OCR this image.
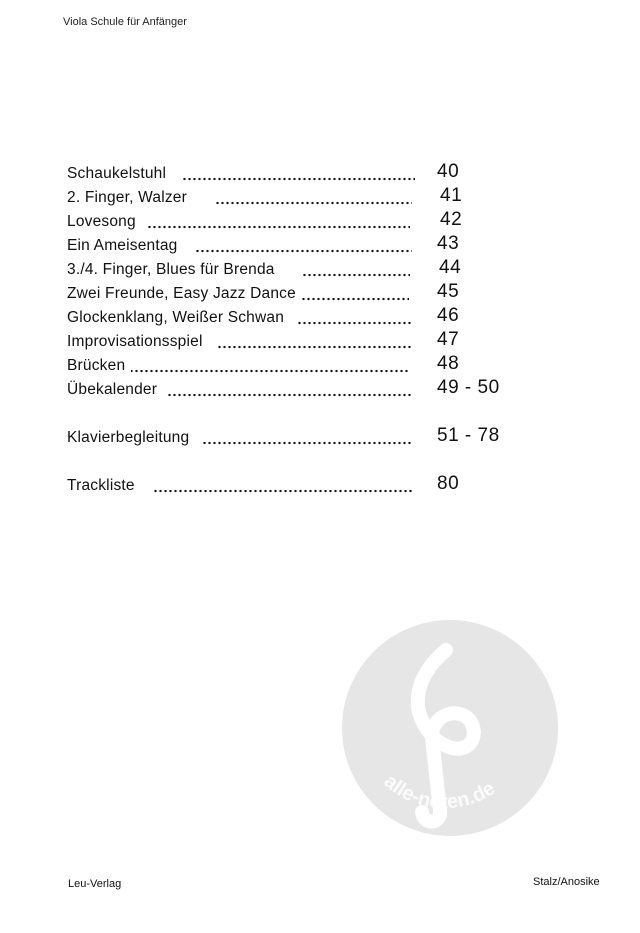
Viola Schule für Anfänger
Schaukelstuhl	40
2. Finger, Walzer	41
Lovesong	42
Ein Ameisentag	43
3./4. Finger, Blues für Brenda	44
Zwei Freunde, Easy Jazz Dance	45
Glockenklang, Weißer Schwan	46
Improvisationsspiel	47
Brücken	48
Übekalender	49 - 50
Klavierbegleitung	51 - 78
Trackliste	80
alle-noten.de
Leu-Verlag	Stalz/Anosike
